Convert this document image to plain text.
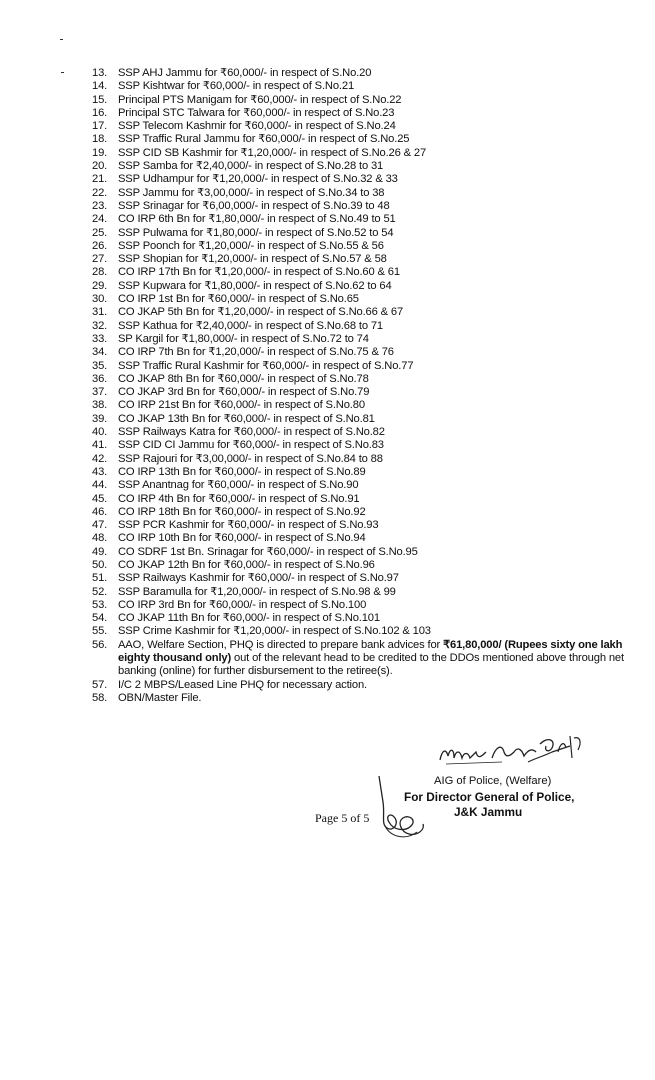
13. SSP AHJ Jammu for ₹60,000/- in respect of S.No.20
14. SSP Kishtwar for ₹60,000/- in respect of S.No.21
15. Principal PTS Manigam for ₹60,000/- in respect of S.No.22
16. Principal STC Talwara for ₹60,000/- in respect of S.No.23
17. SSP Telecom Kashmir for ₹60,000/- in respect of S.No.24
18. SSP Traffic Rural Jammu for ₹60,000/- in respect of S.No.25
19. SSP CID SB Kashmir for ₹1,20,000/- in respect of S.No.26 & 27
20. SSP Samba for ₹2,40,000/- in respect of S.No.28 to 31
21. SSP Udhampur for ₹1,20,000/- in respect of S.No.32 & 33
22. SSP Jammu for ₹3,00,000/- in respect of S.No.34 to 38
23. SSP Srinagar for ₹6,00,000/- in respect of S.No.39 to 48
24. CO IRP 6th Bn for ₹1,80,000/- in respect of S.No.49 to 51
25. SSP Pulwama for ₹1,80,000/- in respect of S.No.52 to 54
26. SSP Poonch for ₹1,20,000/- in respect of S.No.55 & 56
27. SSP Shopian for ₹1,20,000/- in respect of S.No.57 & 58
28. CO IRP 17th Bn for ₹1,20,000/- in respect of S.No.60 & 61
29. SSP Kupwara for ₹1,80,000/- in respect of S.No.62 to 64
30. CO IRP 1st Bn for ₹60,000/- in respect of S.No.65
31. CO JKAP 5th Bn for ₹1,20,000/- in respect of S.No.66 & 67
32. SSP Kathua for ₹2,40,000/- in respect of S.No.68 to 71
33. SP Kargil for ₹1,80,000/- in respect of S.No.72 to 74
34. CO IRP 7th Bn for ₹1,20,000/- in respect of S.No.75 & 76
35. SSP Traffic Rural Kashmir for ₹60,000/- in respect of S.No.77
36. CO JKAP 8th Bn for ₹60,000/- in respect of S.No.78
37. CO JKAP 3rd Bn for ₹60,000/- in respect of S.No.79
38. CO IRP 21st Bn for ₹60,000/- in respect of S.No.80
39. CO JKAP 13th Bn for ₹60,000/- in respect of S.No.81
40. SSP Railways Katra for ₹60,000/- in respect of S.No.82
41. SSP CID CI Jammu for ₹60,000/- in respect of S.No.83
42. SSP Rajouri for ₹3,00,000/- in respect of S.No.84 to 88
43. CO IRP 13th Bn for ₹60,000/- in respect of S.No.89
44. SSP Anantnag for ₹60,000/- in respect of S.No.90
45. CO IRP 4th Bn for ₹60,000/- in respect of S.No.91
46. CO IRP 18th Bn for ₹60,000/- in respect of S.No.92
47. SSP PCR Kashmir for ₹60,000/- in respect of S.No.93
48. CO IRP 10th Bn for ₹60,000/- in respect of S.No.94
49. CO SDRF 1st Bn. Srinagar for ₹60,000/- in respect of S.No.95
50. CO JKAP 12th Bn for ₹60,000/- in respect of S.No.96
51. SSP Railways Kashmir for ₹60,000/- in respect of S.No.97
52. SSP Baramulla for ₹1,20,000/- in respect of S.No.98 & 99
53. CO IRP 3rd Bn for ₹60,000/- in respect of S.No.100
54. CO JKAP 11th Bn for ₹60,000/- in respect of S.No.101
55. SSP Crime Kashmir for ₹1,20,000/- in respect of S.No.102 & 103
56. AAO, Welfare Section, PHQ is directed to prepare bank advices for ₹61,80,000/ (Rupees sixty one lakh eighty thousand only) out of the relevant head to be credited to the DDOs mentioned above through net banking (online) for further disbursement to the retiree(s).
57. I/C 2 MBPS/Leased Line PHQ for necessary action.
58. OBN/Master File.
AIG of Police, (Welfare)
For Director General of Police,
J&K Jammu
Page 5 of 5
